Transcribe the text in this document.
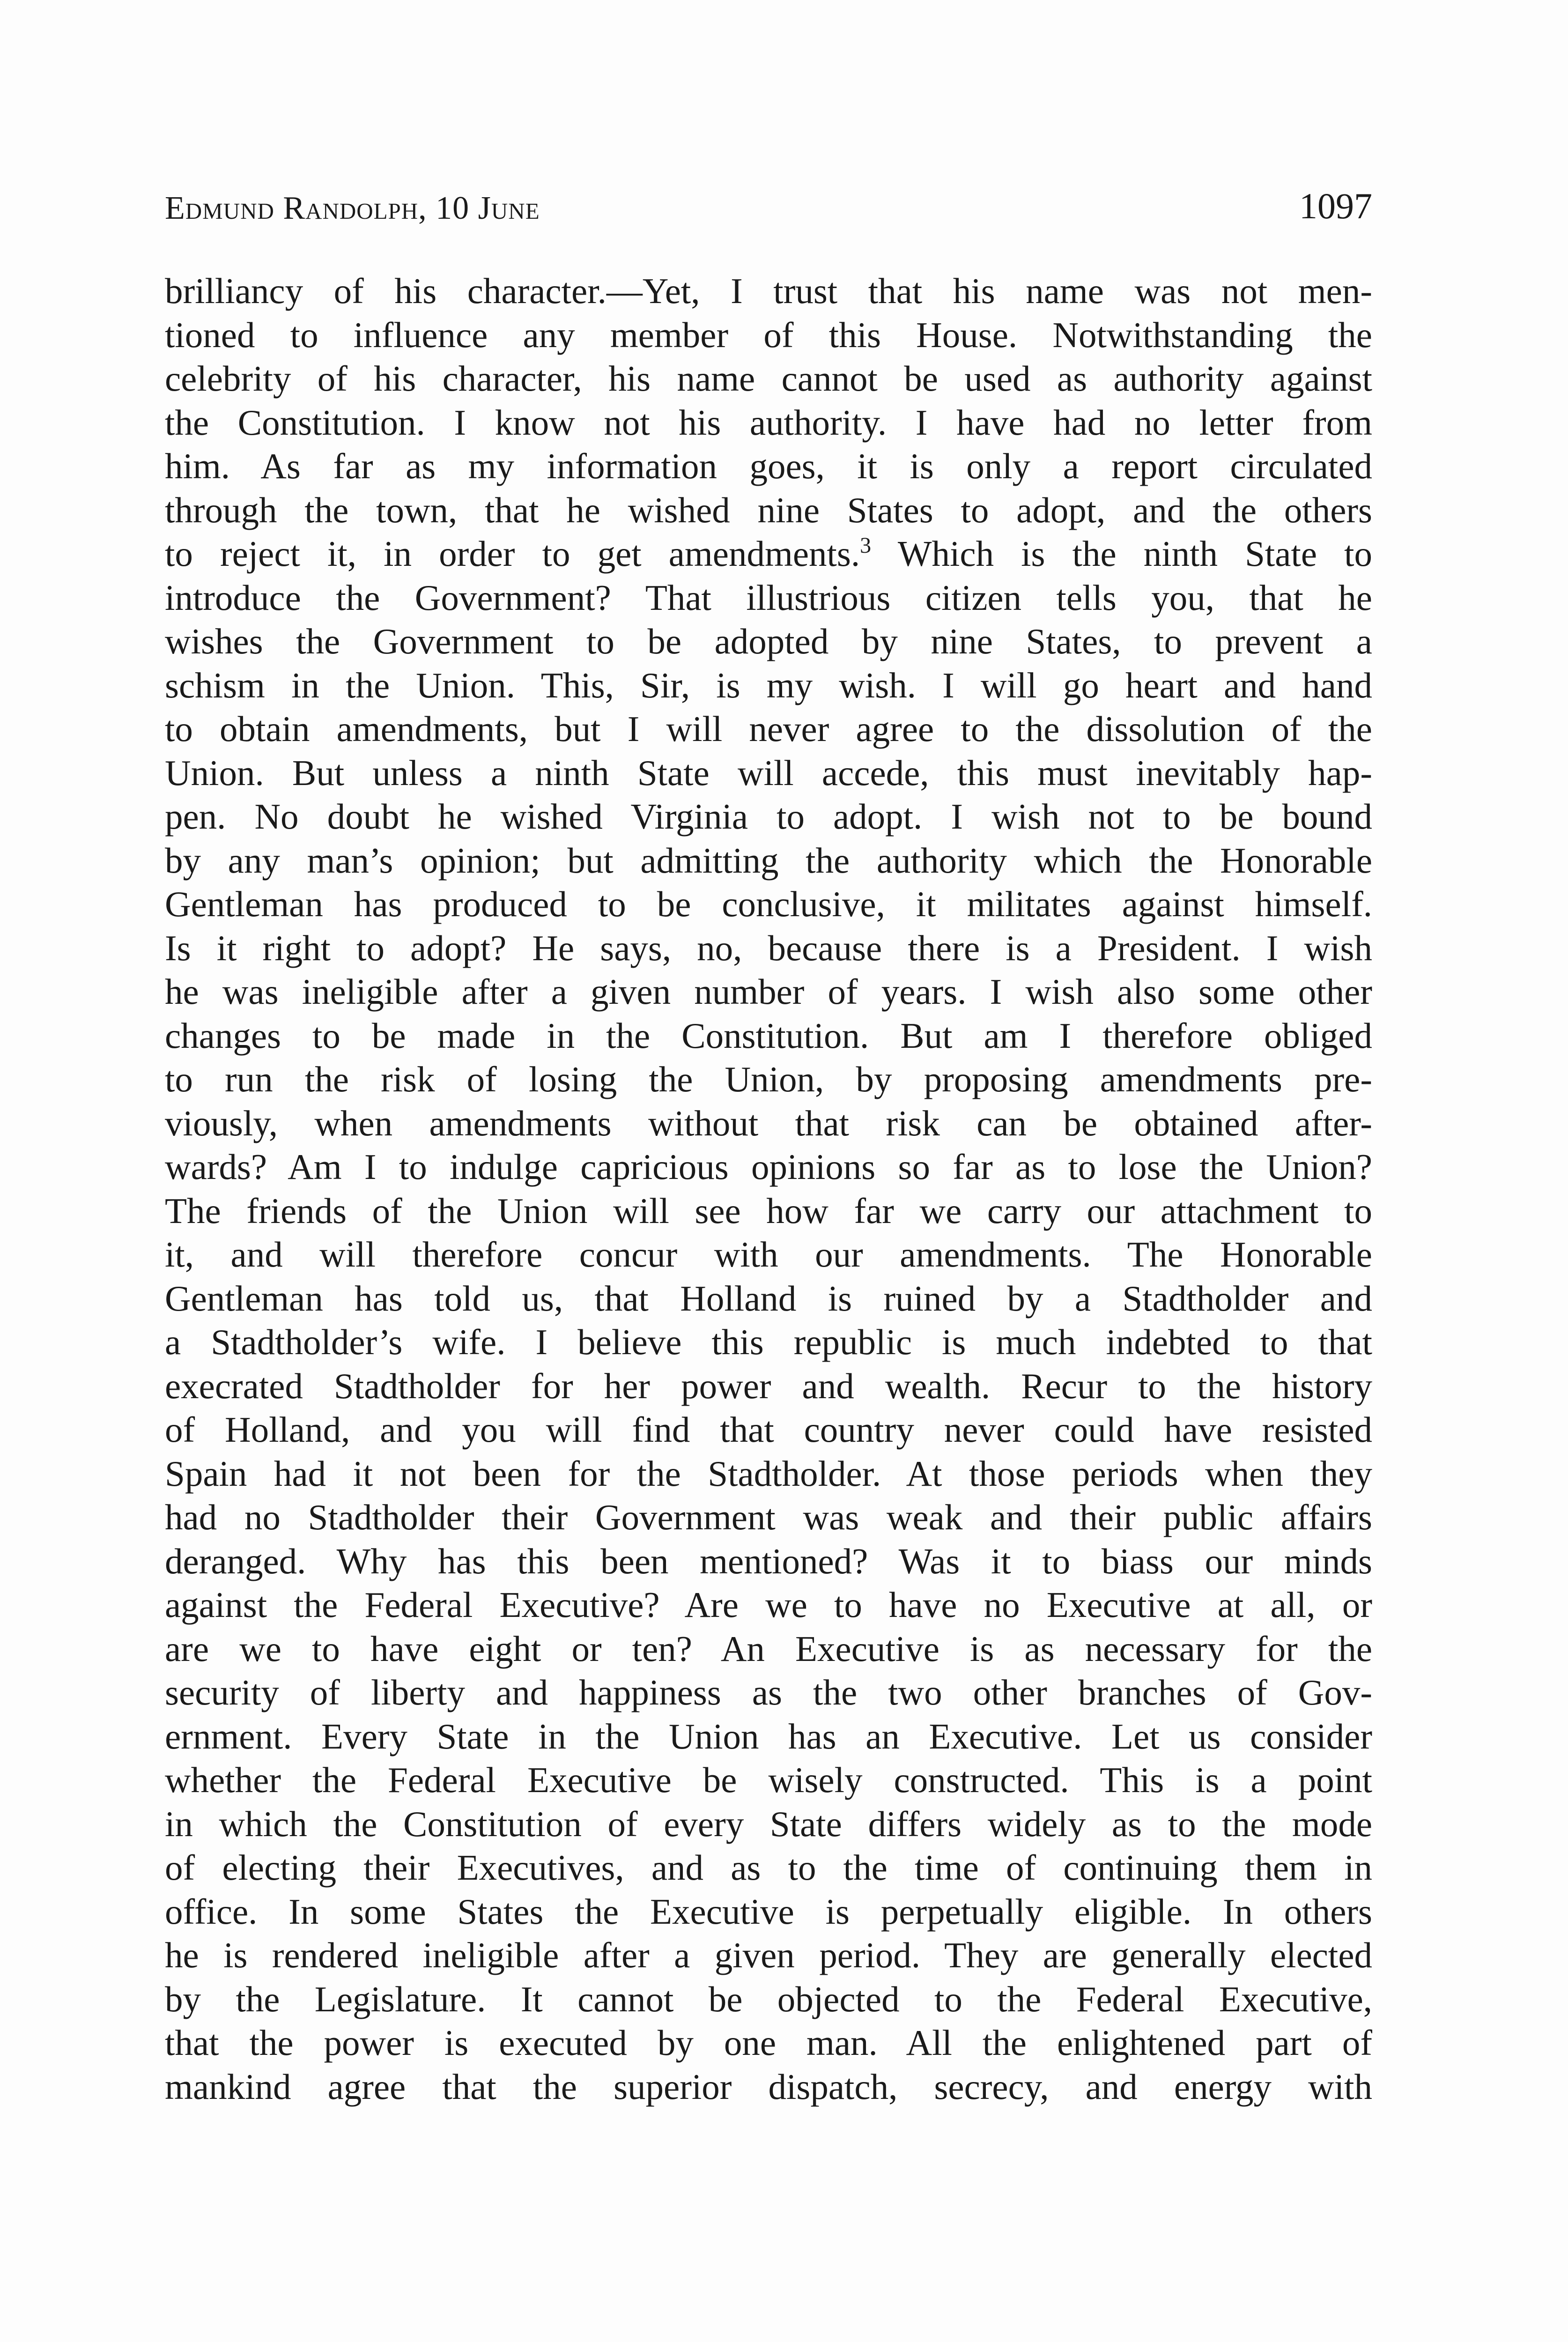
Edmund Randolph, 10 June	1097
brilliancy of his character.—Yet, I trust that his name was not men-
tioned to influence any member of this House. Notwithstanding the
celebrity of his character, his name cannot be used as authority against
the Constitution. I know not his authority. I have had no letter from
him. As far as my information goes, it is only a report circulated
through the town, that he wished nine States to adopt, and the others
to reject it, in order to get amendments.$^3$ Which is the ninth State to
introduce the Government? That illustrious citizen tells you, that he
wishes the Government to be adopted by nine States, to prevent a
schism in the Union. This, Sir, is my wish. I will go heart and hand
to obtain amendments, but I will never agree to the dissolution of the
Union. But unless a ninth State will accede, this must inevitably hap-
pen. No doubt he wished Virginia to adopt. I wish not to be bound
by any man’s opinion; but admitting the authority which the Honorable
Gentleman has produced to be conclusive, it militates against himself.
Is it right to adopt? He says, no, because there is a President. I wish
he was ineligible after a given number of years. I wish also some other
changes to be made in the Constitution. But am I therefore obliged
to run the risk of losing the Union, by proposing amendments pre-
viously, when amendments without that risk can be obtained after-
wards? Am I to indulge capricious opinions so far as to lose the Union?
The friends of the Union will see how far we carry our attachment to
it, and will therefore concur with our amendments. The Honorable
Gentleman has told us, that Holland is ruined by a Stadtholder and
a Stadtholder’s wife. I believe this republic is much indebted to that
execrated Stadtholder for her power and wealth. Recur to the history
of Holland, and you will find that country never could have resisted
Spain had it not been for the Stadtholder. At those periods when they
had no Stadtholder their Government was weak and their public affairs
deranged. Why has this been mentioned? Was it to biass our minds
against the Federal Executive? Are we to have no Executive at all, or
are we to have eight or ten? An Executive is as necessary for the
security of liberty and happiness as the two other branches of Gov-
ernment. Every State in the Union has an Executive. Let us consider
whether the Federal Executive be wisely constructed. This is a point
in which the Constitution of every State differs widely as to the mode
of electing their Executives, and as to the time of continuing them in
office. In some States the Executive is perpetually eligible. In others
he is rendered ineligible after a given period. They are generally elected
by the Legislature. It cannot be objected to the Federal Executive,
that the power is executed by one man. All the enlightened part of
mankind agree that the superior dispatch, secrecy, and energy with
